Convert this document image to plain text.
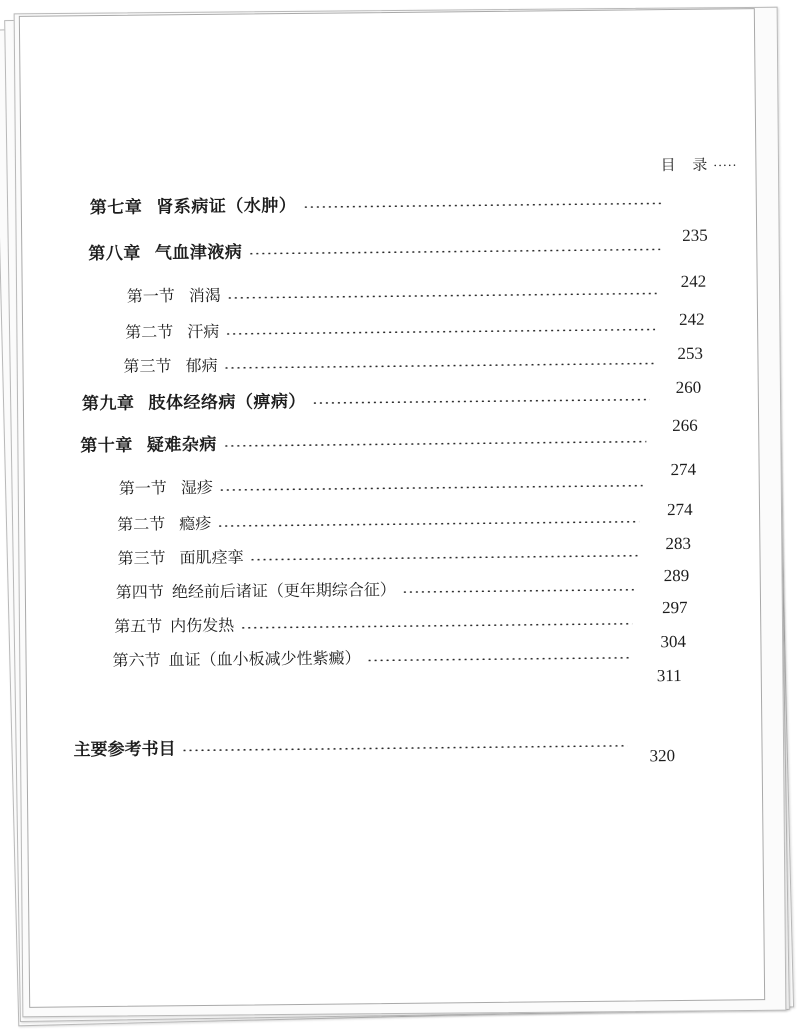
目 录·····
第七章 肾系病证（水肿）
235
第八章 气血津液病
242
第一节 消渴
242
第二节 汗病
253
第三节 郁病
260
第九章 肢体经络病（痹病）
266
第十章 疑难杂病
274
第一节 湿疹
274
第二节 瘾疹
283
第三节 面肌痉挛
289
第四节 绝经前后诸证（更年期综合征）
297
第五节 内伤发热
304
第六节 血证（血小板减少性紫癜）
311
主要参考书目	320
